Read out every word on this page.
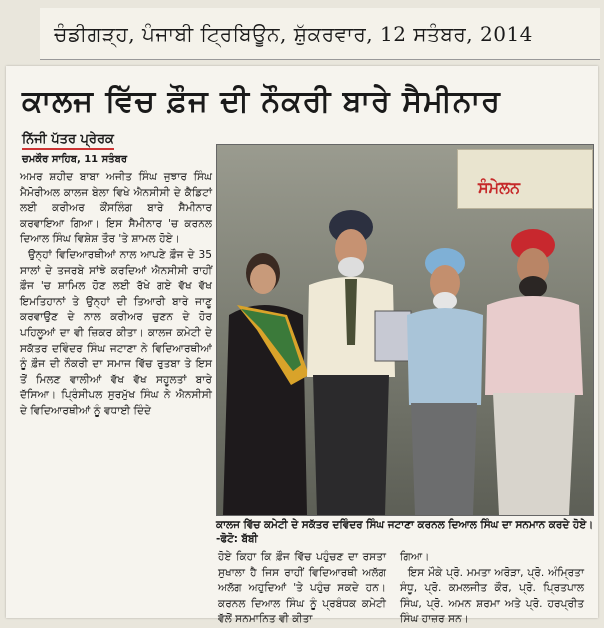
ਚੰਡੀਗੜ੍ਹ, ਪੰਜਾਬੀ ਟ੍ਰਿਬਿਊਨ, ਸ਼ੁੱਕਰਵਾਰ, 12 ਸਤੰਬਰ, 2014
ਕਾਲਜ ਵਿੱਚ ਫ਼ੌਜ ਦੀ ਨੌਕਰੀ ਬਾਰੇ ਸੈਮੀਨਾਰ
ਨਿੱਜੀ ਪੱਤਰ ਪ੍ਰੇਰਕ
ਚਮਕੌਰ ਸਾਹਿਬ, 11 ਸਤੰਬਰ

ਅਮਰ ਸ਼ਹੀਦ ਬਾਬਾ ਅਜੀਤ ਸਿੰਘ ਜੁਝਾਰ ਸਿੰਘ ਮੈਮੋਰੀਅਲ ਕਾਲਜ ਬੇਲਾ ਵਿਖੇ ਐਨਸੀਸੀ ਦੇ ਕੈਡਿਟਾਂ ਲਈ ਕਰੀਅਰ ਕੌਂਸਲਿੰਗ ਬਾਰੇ ਸੈਮੀਨਾਰ ਕਰਵਾਇਆ ਗਿਆ। ਇਸ ਸੈਮੀਨਾਰ 'ਚ ਕਰਨਲ ਦਿਆਲ ਸਿੰਘ ਵਿਸ਼ੇਸ਼ ਤੌਰ 'ਤੇ ਸ਼ਾਮਲ ਹੋਏ।

ਉਨ੍ਹਾਂ ਵਿਦਿਆਰਥੀਆਂ ਨਾਲ ਆਪਣੇ ਫ਼ੌਜ ਦੇ 35 ਸਾਲਾਂ ਦੇ ਤਜਰਬੇ ਸਾਂਝੇ ਕਰਦਿਆਂ ਐਨਸੀਸੀ ਰਾਹੀਂ ਫ਼ੌਜ 'ਚ ਸ਼ਾਮਿਲ ਹੋਣ ਲਈ ਰੱਖੇ ਗਏ ਵੱਖ ਵੱਖ ਇਮਤਿਹਾਨਾਂ ਤੇ ਉਨ੍ਹਾਂ ਦੀ ਤਿਆਰੀ ਬਾਰੇ ਜਾਣੂ ਕਰਵਾਉਣ ਦੇ ਨਾਲ ਕਰੀਅਰ ਚੁਣਨ ਦੇ ਹੋਰ ਪਹਿਲੂਆਂ ਦਾ ਵੀ ਜ਼ਿਕਰ ਕੀਤਾ। ਕਾਲਜ ਕਮੇਟੀ ਦੇ ਸਕੱਤਰ ਦਵਿੰਦਰ ਸਿੰਘ ਜਟਾਣਾ ਨੇ ਵਿਦਿਆਰਥੀਆਂ ਨੂੰ ਫ਼ੌਜ ਦੀ ਨੌਕਰੀ ਦਾ ਸਮਾਜ ਵਿੱਚ ਰੁਤਬਾ ਤੇ ਇਸ ਤੋਂ ਮਿਲਣ ਵਾਲੀਆਂ ਵੱਖ ਵੱਖ ਸਹੂਲਤਾਂ ਬਾਰੇ ਦੱਸਿਆ। ਪ੍ਰਿੰਸੀਪਲ ਸੁਰਮੁੱਖ ਸਿੰਘ ਨੇ ਐਨਸੀਸੀ ਦੇ ਵਿਦਿਆਰਥੀਆਂ ਨੂੰ ਵਧਾਈ ਦਿੰਦੇ

ਸੰਮੇਲਨ
ਕਾਲਜ ਵਿੱਚ ਕਮੇਟੀ ਦੇ ਸਕੱਤਰ ਦਵਿੰਦਰ ਸਿੰਘ ਜਟਾਣਾ ਕਰਨਲ ਦਿਆਲ ਸਿੰਘ ਦਾ ਸਨਮਾਨ ਕਰਦੇ ਹੋਏ। -ਫੋਟੋ: ਬੱਬੀ

ਹੋਏ ਕਿਹਾ ਕਿ ਫ਼ੌਜ ਵਿੱਚ ਪਹੁੰਚਣ ਦਾ ਰਸਤਾ ਸੁਖਾਲਾ ਹੈ ਜਿਸ ਰਾਹੀਂ ਵਿਦਿਆਰਥੀ ਅਲੱਗ ਅਲੱਗ ਅਹੁਦਿਆਂ 'ਤੇ ਪਹੁੰਚ ਸਕਦੇ ਹਨ। ਕਰਨਲ ਦਿਆਲ ਸਿੰਘ ਨੂੰ ਪ੍ਰਬੰਧਕ ਕਮੇਟੀ ਵੱਲੋਂ ਸਨਮਾਨਿਤ ਵੀ ਕੀਤਾ

ਗਿਆ।

ਇਸ ਮੌਕੇ ਪ੍ਰੋ. ਮਮਤਾ ਅਰੋੜਾ, ਪ੍ਰੋ. ਅੰਮ੍ਰਿਤਾ ਸੰਧੂ, ਪ੍ਰੋ. ਕਮਲਜੀਤ ਕੌਰ, ਪ੍ਰੋ. ਪ੍ਰਿਤਪਾਲ ਸਿੰਘ, ਪ੍ਰੋ. ਅਮਨ ਸ਼ਰਮਾ ਅਤੇ ਪ੍ਰੋ. ਹਰਪ੍ਰੀਤ ਸਿੰਘ ਹਾਜ਼ਰ ਸਨ।
